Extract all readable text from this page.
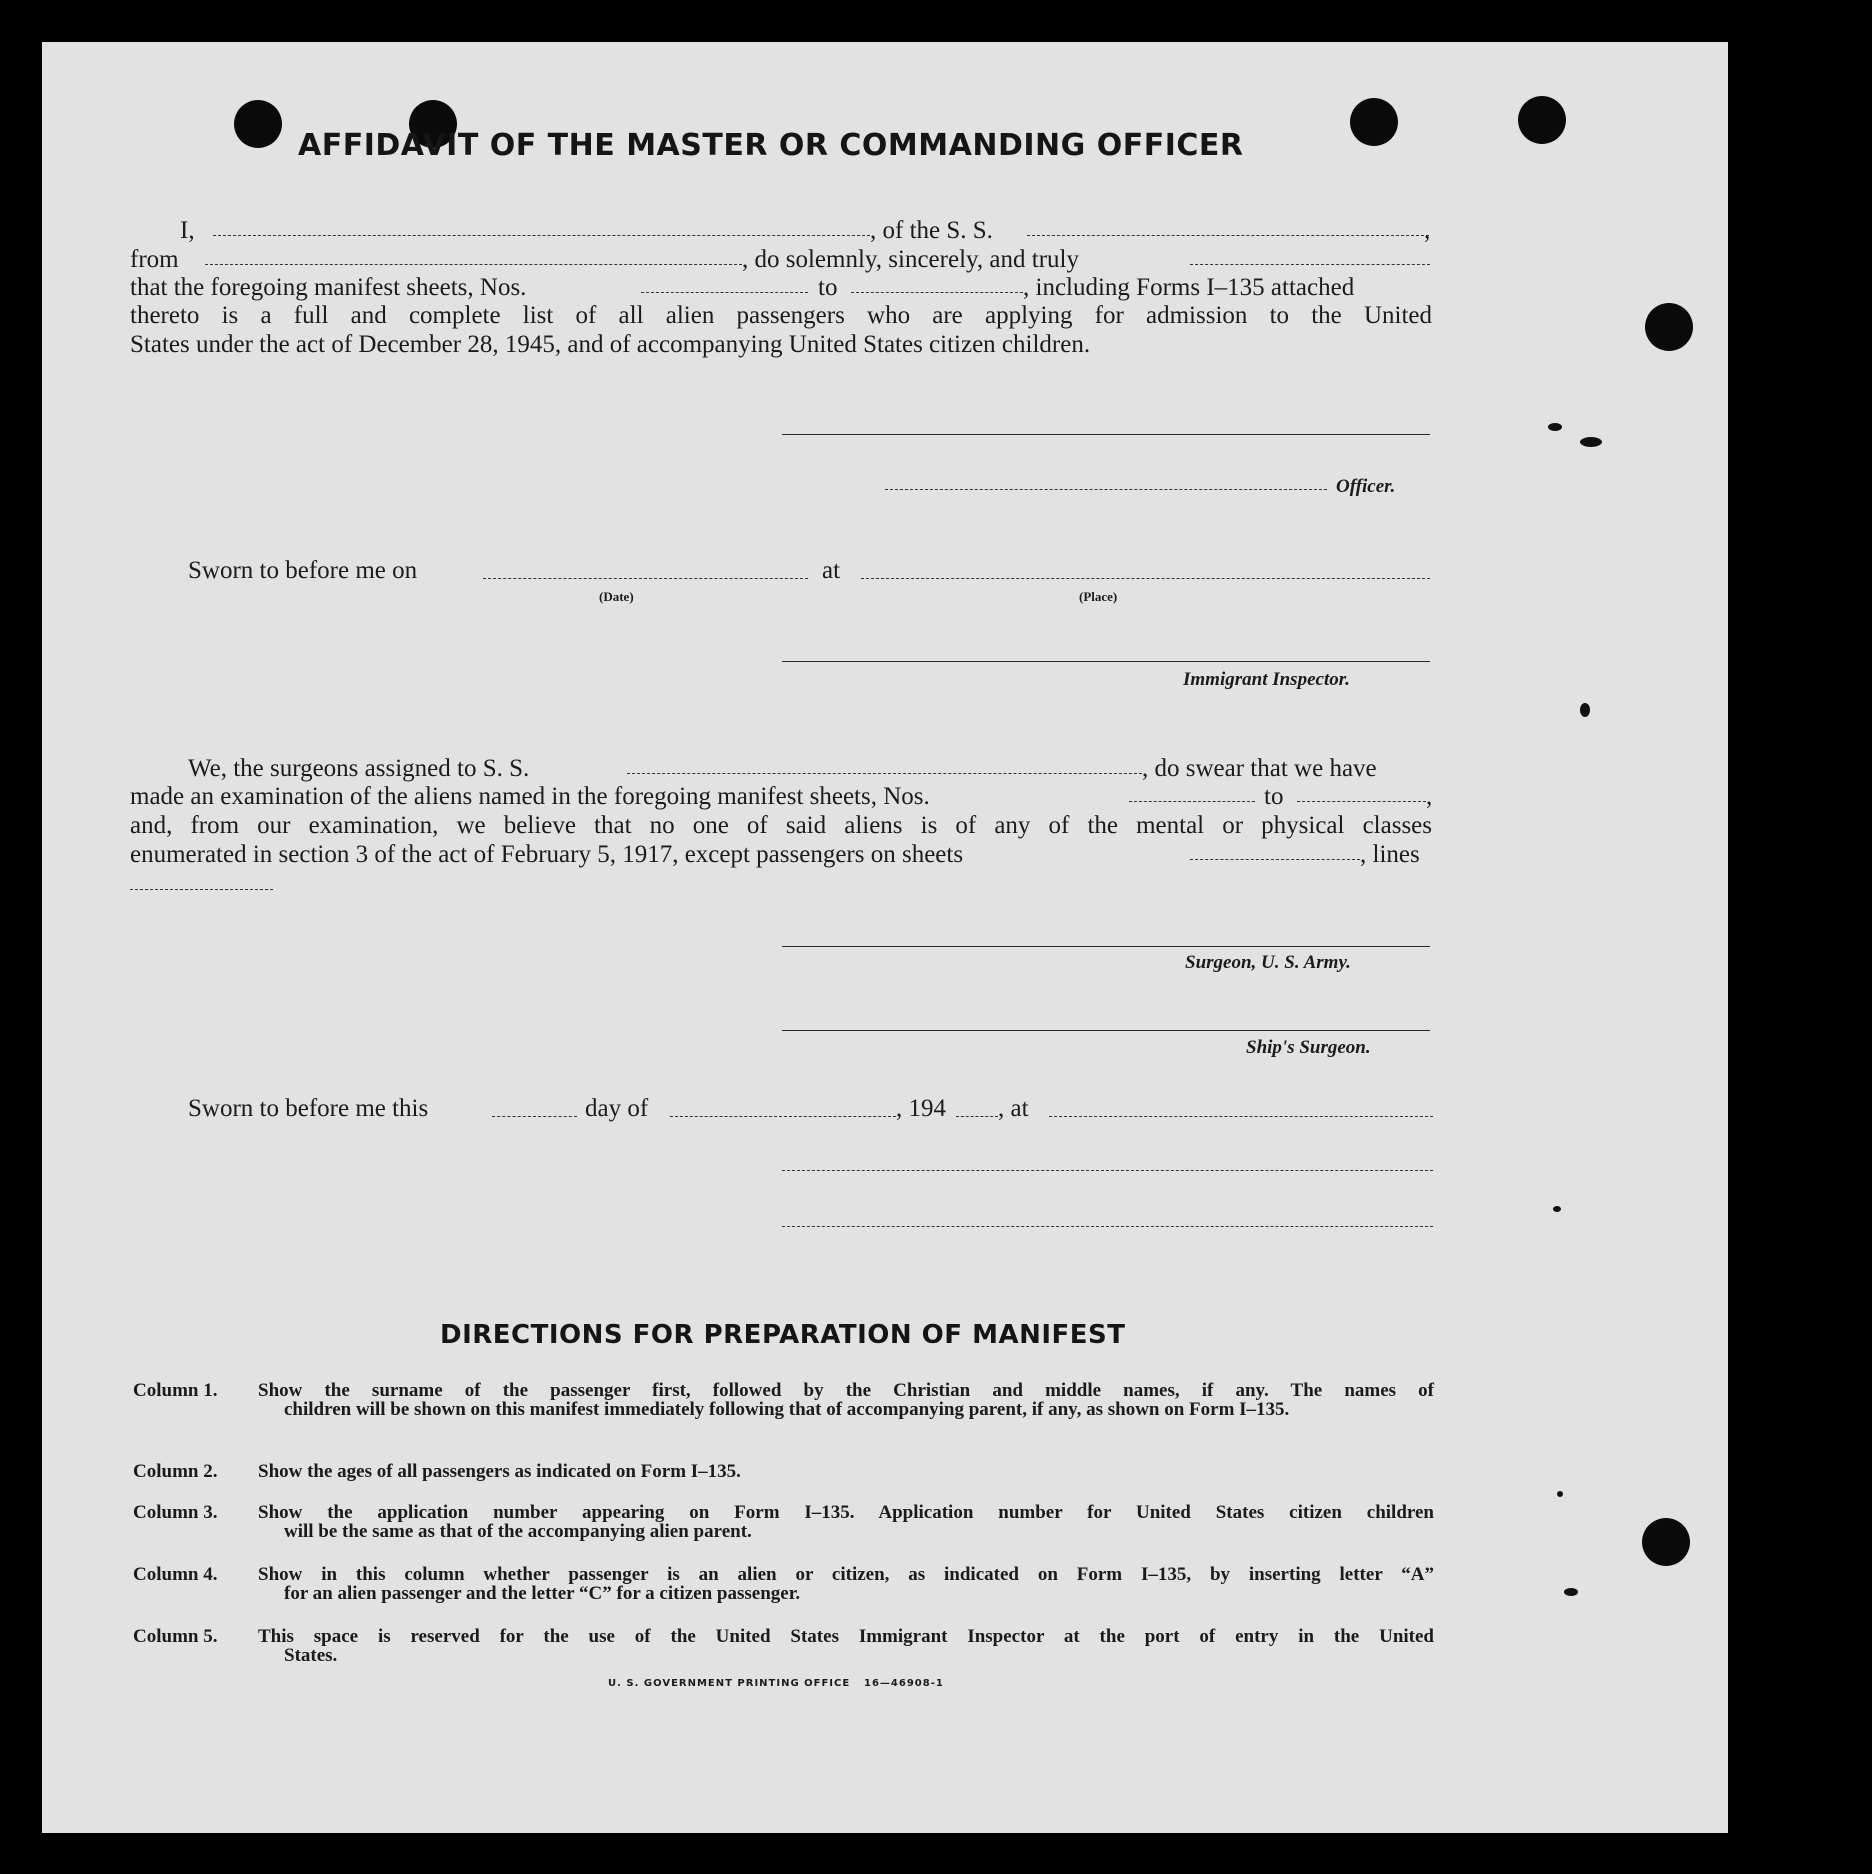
AFFIDAVIT OF THE MASTER OR COMMANDING OFFICER
I,	, of the S. S.	,
from	, do solemnly, sincerely, and truly
that the foregoing manifest sheets, Nos.	to	, including Forms I–135 attached
thereto is a full and complete list of all alien passengers who are applying for admission to the United
States under the act of December 28, 1945, and of accompanying United States citizen children.
Officer.
Sworn to before me on
(Date)
at
(Place)
Immigrant Inspector.
We, the surgeons assigned to S. S.	, do swear that we have
made an examination of the aliens named in the foregoing manifest sheets, Nos.	to	,
and, from our examination, we believe that no one of said aliens is of any of the mental or physical classes
enumerated in section 3 of the act of February 5, 1917, except passengers on sheets	, lines
Surgeon, U. S. Army.
Ship's Surgeon.
Sworn to before me this	day of	, 194 , at
DIRECTIONS FOR PREPARATION OF MANIFEST
Column 1. Show the surname of the passenger first, followed by the Christian and middle names, if any. The names of
children will be shown on this manifest immediately following that of accompanying parent, if any, as shown on Form I–135.
Column 2. Show the ages of all passengers as indicated on Form I–135.
Column 3. Show the application number appearing on Form I–135. Application number for United States citizen children
will be the same as that of the accompanying alien parent.
Column 4. Show in this column whether passenger is an alien or citizen, as indicated on Form I–135, by inserting letter “A”
for an alien passenger and the letter “C” for a citizen passenger.
Column 5. This space is reserved for the use of the United States Immigrant Inspector at the port of entry in the United
States.
U. S. GOVERNMENT PRINTING OFFICE 16—46908-1
